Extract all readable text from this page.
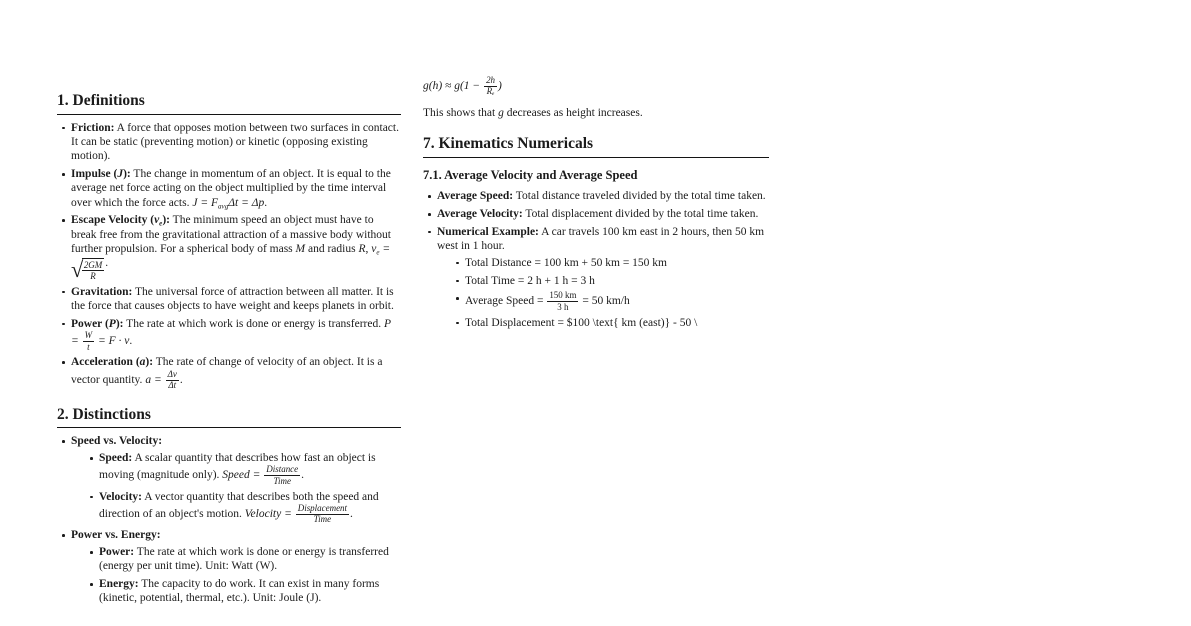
1. Definitions
Friction: A force that opposes motion between two surfaces in contact. It can be static (preventing motion) or kinetic (opposing existing motion).
Impulse (J): The change in momentum of an object. It is equal to the average net force acting on the object multiplied by the time interval over which the force acts. $J = F_{avg}\Delta t = \Delta p$.
Escape Velocity $(v_e)$: The minimum speed an object must have to break free from the gravitational attraction of a massive body without further propulsion. For a spherical body of mass M and radius R, $v_e$ = √
$\frac{2GM}{R}$ .
Gravitation: The universal force of attraction between all matter. It is the force that causes objects to have weight and keeps planets in orbit.
Power (P): The rate at which work is done or energy is transferred. $P = \frac{W}{t} = F \cdot v$.
Acceleration (a): The rate of change of velocity of an object. It is a vector quantity. $a = \frac{\Delta v}{\Delta t}$ .
2. Distinctions
Speed vs. Velocity:
Speed: A scalar quantity that describes how fast an object is moving (magnitude only). Speed = $\frac{\text{Distance}}{\text{Time}}$ .
Velocity: A vector quantity that describes both the speed and direction of an object's motion. Velocity = $\frac{\text{Displacement}}{\text{Time}}$ .
Power vs. Energy:
Power: The rate at which work is done or energy is transferred (energy per unit time). Unit: Watt (W).
Energy: The capacity to do work. It can exist in many forms (kinetic, potential, thermal, etc.). Unit: Joule (J).

$g(h) \approx g(1 - \frac{2h}{\text{Rₑ}}$ )

This shows that g decreases as height increases.

7. Kinematics Numericals
7.1. Average Velocity and Average Speed
Average Speed: Total distance traveled divided by the total time taken.
Average Velocity: Total displacement divided by the total time taken.
Numerical Example: A car travels 100 km east in 2 hours, then 50 km west in 1 hour.
Total Distance = 100 km + 50 km = 150 km
Total Time = 2 h + 1 h = 3 h
Average Speed = $\frac{150 km}{3 h} = 50$ km/h
Total Displacement = $100 \text{ km (east)} - 50 \
